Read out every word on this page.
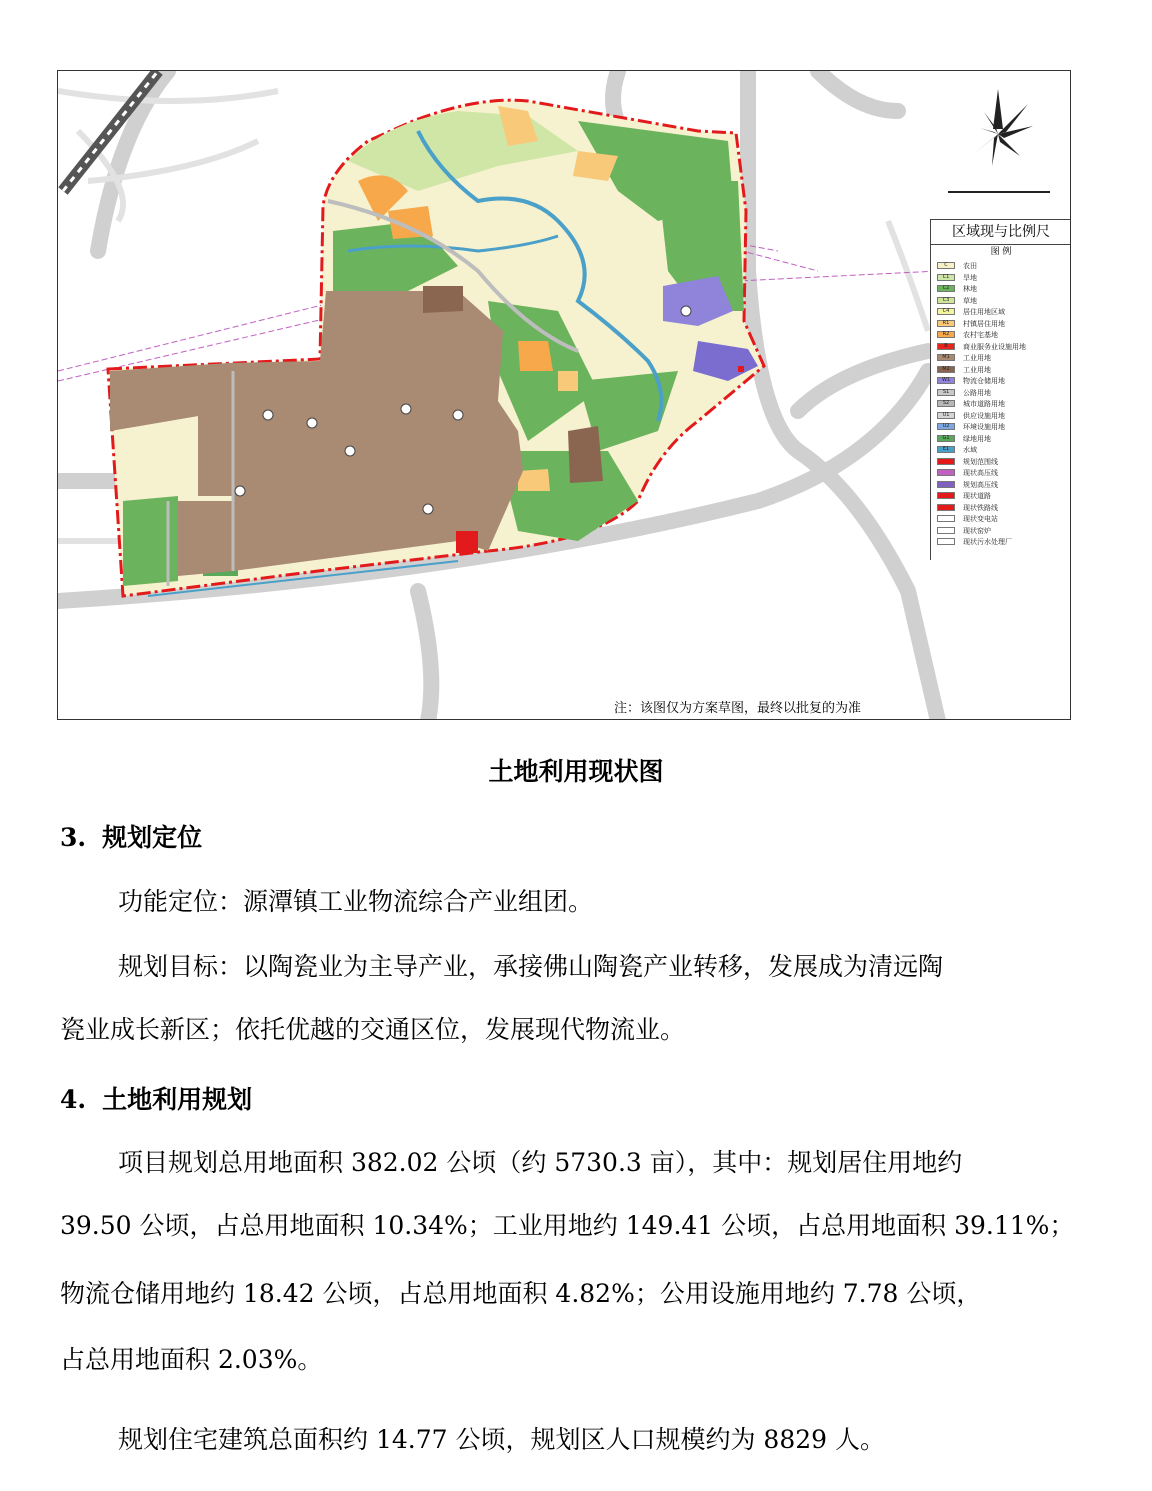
区域现与比例尺
图 例
C 农田
C1 旱地
C2 林地
C3 草地
C4 居住用地区域
R1 村镇居住用地
R2 农村宅基地
B 商业服务业设施用地
M1 工业用地
M2 工业用地
W1 物流仓储用地
S1 公路用地
S2 城市道路用地
U1 供应设施用地
U2 环境设施用地
G1 绿地用地
E1 水域
规划范围线
现状高压线
规划高压线
现状道路
现状铁路线
现状变电站
现状窑炉
现状污水处理厂
注：该图仅为方案草图，最终以批复的为准
土地利用现状图
3. 规划定位
功能定位：源潭镇工业物流综合产业组团。
规划目标：以陶瓷业为主导产业，承接佛山陶瓷产业转移，发展成为清远陶
瓷业成长新区；依托优越的交通区位，发展现代物流业。
4. 土地利用规划
项目规划总用地面积 382.02 公顷（约 5730.3 亩），其中：规划居住用地约
39.50 公顷，占总用地面积 10.34%；工业用地约 149.41 公顷，占总用地面积 39.11%；
物流仓储用地约 18.42 公顷，占总用地面积 4.82%；公用设施用地约 7.78 公顷，
占总用地面积 2.03%。
规划住宅建筑总面积约 14.77 公顷，规划区人口规模约为 8829 人。
